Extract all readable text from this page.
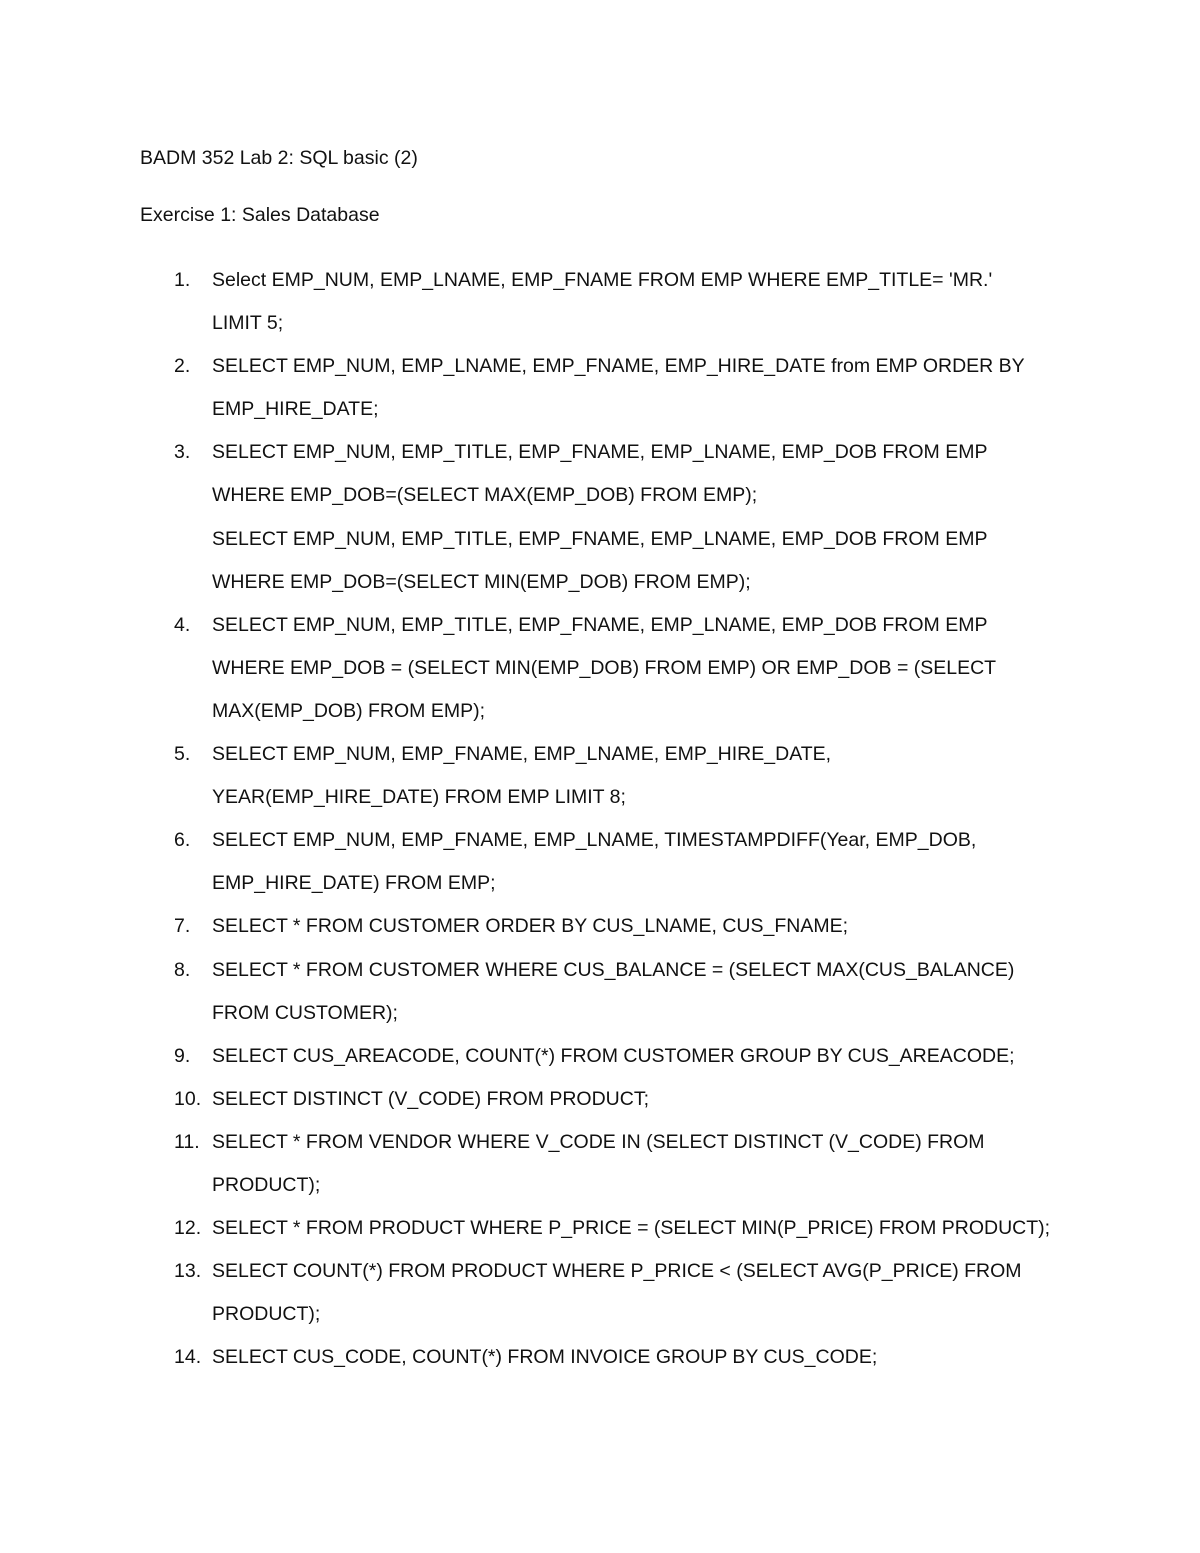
BADM 352 Lab 2: SQL basic (2)
Exercise 1: Sales Database
1. Select EMP_NUM, EMP_LNAME, EMP_FNAME FROM EMP WHERE EMP_TITLE= 'MR.'
LIMIT 5;
2. SELECT EMP_NUM, EMP_LNAME, EMP_FNAME, EMP_HIRE_DATE from EMP ORDER BY
EMP_HIRE_DATE;
3. SELECT EMP_NUM, EMP_TITLE, EMP_FNAME, EMP_LNAME, EMP_DOB FROM EMP
WHERE EMP_DOB=(SELECT MAX(EMP_DOB) FROM EMP);
SELECT EMP_NUM, EMP_TITLE, EMP_FNAME, EMP_LNAME, EMP_DOB FROM EMP
WHERE EMP_DOB=(SELECT MIN(EMP_DOB) FROM EMP);
4. SELECT EMP_NUM, EMP_TITLE, EMP_FNAME, EMP_LNAME, EMP_DOB FROM EMP
WHERE EMP_DOB = (SELECT MIN(EMP_DOB) FROM EMP) OR EMP_DOB = (SELECT
MAX(EMP_DOB) FROM EMP);
5. SELECT EMP_NUM, EMP_FNAME, EMP_LNAME, EMP_HIRE_DATE,
YEAR(EMP_HIRE_DATE) FROM EMP LIMIT 8;
6. SELECT EMP_NUM, EMP_FNAME, EMP_LNAME, TIMESTAMPDIFF(Year, EMP_DOB,
EMP_HIRE_DATE) FROM EMP;
7. SELECT * FROM CUSTOMER ORDER BY CUS_LNAME, CUS_FNAME;
8. SELECT * FROM CUSTOMER WHERE CUS_BALANCE = (SELECT MAX(CUS_BALANCE)
FROM CUSTOMER);
9. SELECT CUS_AREACODE, COUNT(*) FROM CUSTOMER GROUP BY CUS_AREACODE;
10. SELECT DISTINCT (V_CODE) FROM PRODUCT;
11. SELECT * FROM VENDOR WHERE V_CODE IN (SELECT DISTINCT (V_CODE) FROM
PRODUCT);
12. SELECT * FROM PRODUCT WHERE P_PRICE = (SELECT MIN(P_PRICE) FROM PRODUCT);
13. SELECT COUNT(*) FROM PRODUCT WHERE P_PRICE < (SELECT AVG(P_PRICE) FROM
PRODUCT);
14. SELECT CUS_CODE, COUNT(*) FROM INVOICE GROUP BY CUS_CODE;
